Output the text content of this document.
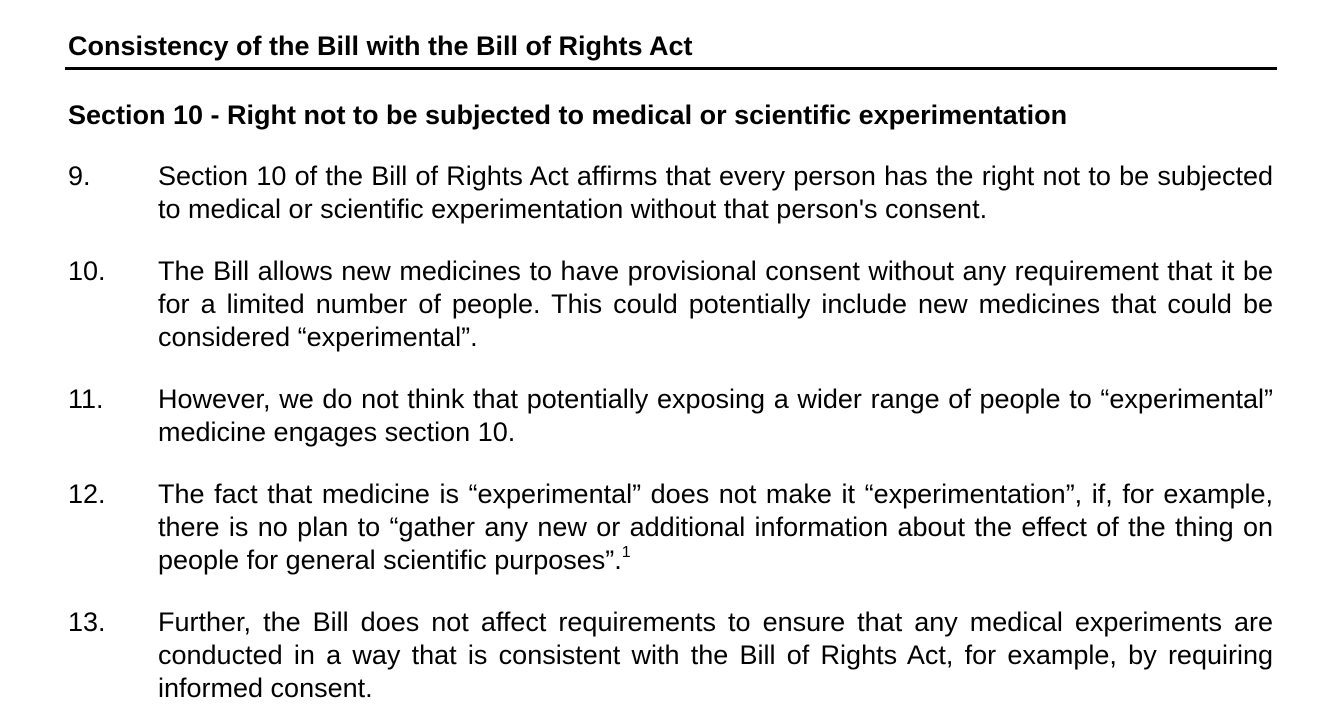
Consistency of the Bill with the Bill of Rights Act
Section 10 - Right not to be subjected to medical or scientific experimentation
9.	Section 10 of the Bill of Rights Act affirms that every person has the right not to be subjected to medical or scientific experimentation without that person's consent.
10.	The Bill allows new medicines to have provisional consent without any requirement that it be for a limited number of people. This could potentially include new medicines that could be considered “experimental”.
11.	However, we do not think that potentially exposing a wider range of people to “experimental” medicine engages section 10.
12.	The fact that medicine is “experimental” does not make it “experimentation”, if, for example, there is no plan to “gather any new or additional information about the effect of the thing on people for general scientific purposes”.$^1$
13.	Further, the Bill does not affect requirements to ensure that any medical experiments are conducted in a way that is consistent with the Bill of Rights Act, for example, by requiring informed consent.
